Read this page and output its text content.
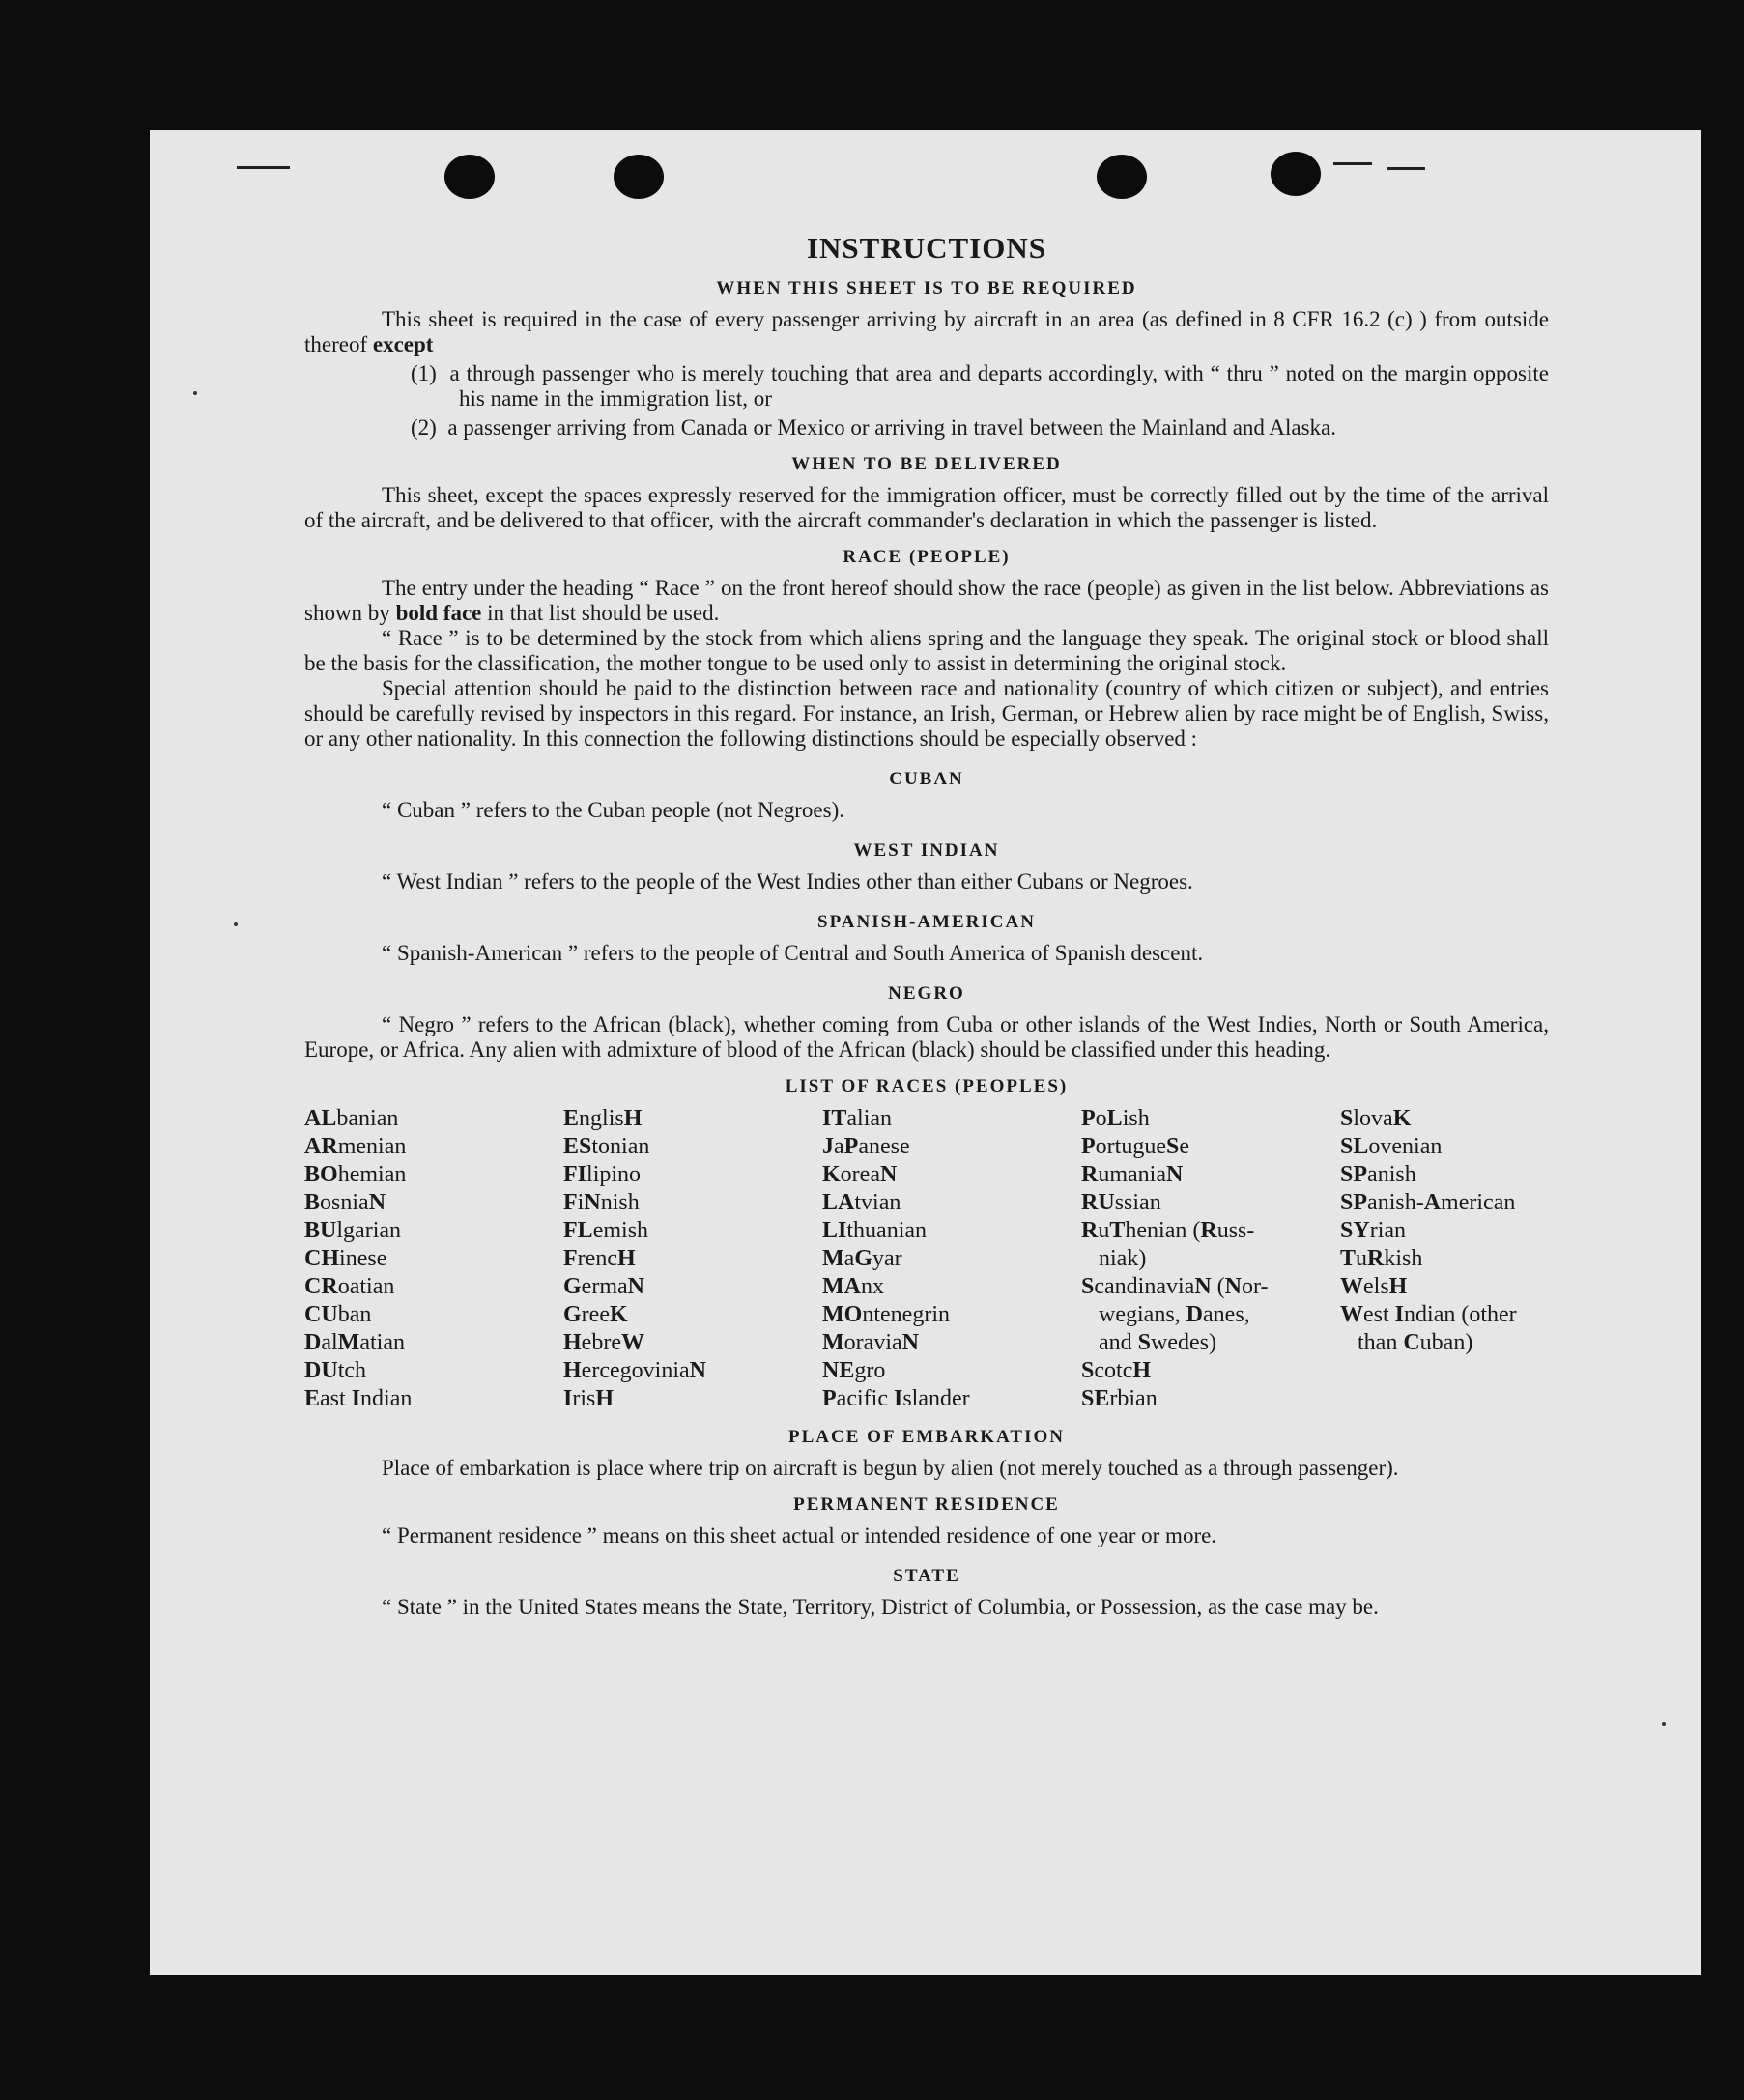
INSTRUCTIONS
WHEN THIS SHEET IS TO BE REQUIRED

This sheet is required in the case of every passenger arriving by aircraft in an area (as defined in 8 CFR 16.2 (c) ) from outside thereof except

(1)  a through passenger who is merely touching that area and departs accordingly, with “ thru ” noted on the margin opposite his name in the immigration list, or

(2)  a passenger arriving from Canada or Mexico or arriving in travel between the Mainland and Alaska.

WHEN TO BE DELIVERED

This sheet, except the spaces expressly reserved for the immigration officer, must be correctly filled out by the time of the arrival of the aircraft, and be delivered to that officer, with the aircraft commander's declaration in which the passenger is listed.

RACE (PEOPLE)

The entry under the heading “ Race ” on the front hereof should show the race (people) as given in the list below. Abbreviations as shown by bold face in that list should be used.

“ Race ” is to be determined by the stock from which aliens spring and the language they speak. The original stock or blood shall be the basis for the classification, the mother tongue to be used only to assist in determining the original stock.

Special attention should be paid to the distinction between race and nationality (country of which citizen or subject), and entries should be carefully revised by inspectors in this regard. For instance, an Irish, German, or Hebrew alien by race might be of English, Swiss, or any other nationality. In this connection the following distinctions should be especially observed :

CUBAN

“ Cuban ” refers to the Cuban people (not Negroes).

WEST INDIAN

“ West Indian ” refers to the people of the West Indies other than either Cubans or Negroes.

SPANISH-AMERICAN

“ Spanish-American ” refers to the people of Central and South America of Spanish descent.

NEGRO

“ Negro ” refers to the African (black), whether coming from Cuba or other islands of the West Indies, North or South America, Europe, or Africa. Any alien with admixture of blood of the African (black) should be classified under this heading.

LIST OF RACES (PEOPLES)
ALbanian
ARmenian
BOhemian
BosniaN
BUlgarian
CHinese
CRoatian
CUban
DalMatian
DUtch
East Indian
EnglisH
EStonian
FIlipino
FiNnish
FLemish
FrencH
GermaN
GreeK
HebreW
HercegoviniaN
IrisH
ITalian
JaPanese
KoreaN
LAtvian
LIthuanian
MaGyar
MAnx
MOntenegrin
MoraviaN
NEgro
Pacific Islander
PoLish
PortugueSe
RumaniaN
RUssian
RuThenian (Russ-
niak)
ScandinaviaN (Nor-
wegians, Danes,
and Swedes)
ScotcH
SErbian
SlovaK
SLovenian
SPanish
SPanish-American
SYrian
TuRkish
WelsH
West Indian (other
than Cuban)
PLACE OF EMBARKATION

Place of embarkation is place where trip on aircraft is begun by alien (not merely touched as a through passenger).

PERMANENT RESIDENCE

“ Permanent residence ” means on this sheet actual or intended residence of one year or more.

STATE

“ State ” in the United States means the State, Territory, District of Columbia, or Possession, as the case may be.
